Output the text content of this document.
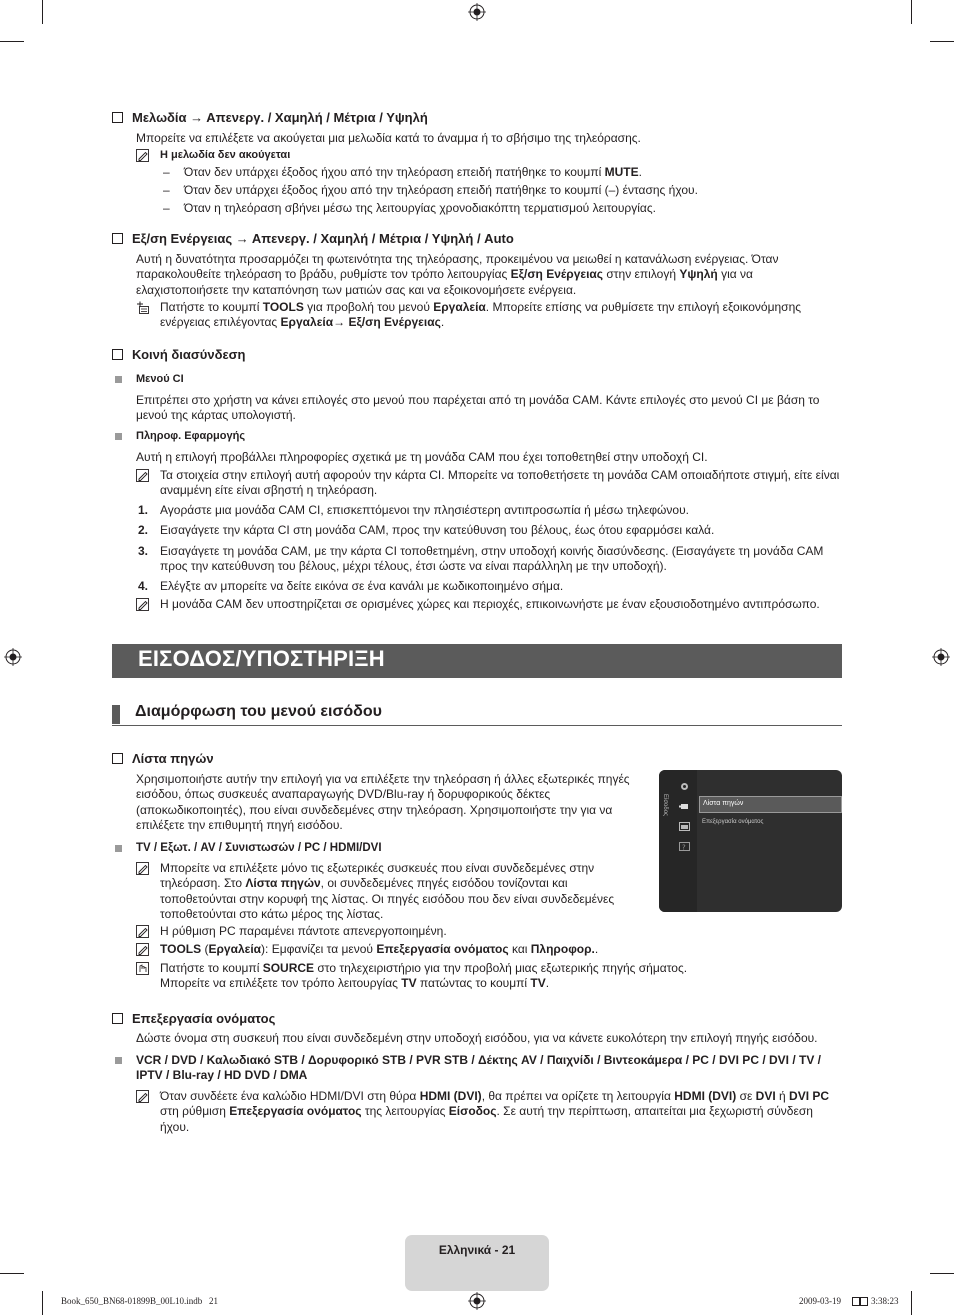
Μελωδία → Απενεργ. / Χαμηλή / Μέτρια / Υψηλή
Μπορείτε να επιλέξετε να ακούγεται μια μελωδία κατά το άναμμα ή το σβήσιμο της τηλεόρασης.
Η μελωδία δεν ακούγεται
– Όταν δεν υπάρχει έξοδος ήχου από την τηλεόραση επειδή πατήθηκε το κουμπί MUTE.
– Όταν δεν υπάρχει έξοδος ήχου από την τηλεόραση επειδή πατήθηκε το κουμπί (–) έντασης ήχου.
– Όταν η τηλεόραση σβήνει μέσω της λειτουργίας χρονοδιακόπτη τερματισμού λειτουργίας.
Εξ/ση Ενέργειας → Απενεργ. / Χαμηλή / Μέτρια / Υψηλή / Auto
Αυτή η δυνατότητα προσαρμόζει τη φωτεινότητα της τηλεόρασης, προκειμένου να μειωθεί η κατανάλωση ενέργειας. Όταν παρακολουθείτε τηλεόραση το βράδυ, ρυθμίστε τον τρόπο λειτουργίας Εξ/ση Ενέργειας στην επιλογή Υψηλή για να ελαχιστοποιήσετε την καταπόνηση των ματιών σας και να εξοικονομήσετε ενέργεια.
Πατήστε το κουμπί TOOLS για προβολή του μενού Εργαλεία. Μπορείτε επίσης να ρυθμίσετε την επιλογή εξοικονόμησης ενέργειας επιλέγοντας Εργαλεία→ Εξ/ση Ενέργειας.
Κοινή διασύνδεση
Μενού CI
Επιτρέπει στο χρήστη να κάνει επιλογές στο μενού που παρέχεται από τη μονάδα CAM. Κάντε επιλογές στο μενού CI με βάση το μενού της κάρτας υπολογιστή.
Πληροφ. Εφαρμογής
Αυτή η επιλογή προβάλλει πληροφορίες σχετικά με τη μονάδα CAM που έχει τοποθετηθεί στην υποδοχή CI.
Τα στοιχεία στην επιλογή αυτή αφορούν την κάρτα CI. Μπορείτε να τοποθετήσετε τη μονάδα CAM οποιαδήποτε στιγμή, είτε είναι αναμμένη είτε είναι σβηστή η τηλεόραση.
1. Αγοράστε μια μονάδα CAM CI, επισκεπτόμενοι την πλησιέστερη αντιπροσωπία ή μέσω τηλεφώνου.
2. Εισαγάγετε την κάρτα CI στη μονάδα CAM, προς την κατεύθυνση του βέλους, έως ότου εφαρμόσει καλά.
3. Εισαγάγετε τη μονάδα CAM, με την κάρτα CI τοποθετημένη, στην υποδοχή κοινής διασύνδεσης. (Εισαγάγετε τη μονάδα CAM προς την κατεύθυνση του βέλους, μέχρι τέλους, έτσι ώστε να είναι παράλληλη με την υποδοχή).
4. Ελέγξτε αν μπορείτε να δείτε εικόνα σε ένα κανάλι με κωδικοποιημένο σήμα.
Η μονάδα CAM δεν υποστηρίζεται σε ορισμένες χώρες και περιοχές, επικοινωνήστε με έναν εξουσιοδοτημένο αντιπρόσωπο.
ΕΙΣΟΔΟΣ/ΥΠΟΣΤΗΡΙΞΗ
Διαμόρφωση του μενού εισόδου
Λίστα πηγών
Χρησιμοποιήστε αυτήν την επιλογή για να επιλέξετε την τηλεόραση ή άλλες εξωτερικές πηγές εισόδου, όπως συσκευές αναπαραγωγής DVD/Blu-ray ή δορυφορικούς δέκτες (αποκωδικοποιητές), που είναι συνδεδεμένες στην τηλεόραση. Χρησιμοποιήστε την για να επιλέξετε την επιθυμητή πηγή εισόδου.
?
Είσοδος	Λίστα πηγών
Επεξεργασία ονόματος
TV / Εξωτ. / AV / Συνιστωσών / PC / HDMI/DVI
Μπορείτε να επιλέξετε μόνο τις εξωτερικές συσκευές που είναι συνδεδεμένες στην τηλεόραση. Στο Λίστα πηγών, οι συνδεδεμένες πηγές εισόδου τονίζονται και τοποθετούνται στην κορυφή της λίστας. Οι πηγές εισόδου που δεν είναι συνδεδεμένες τοποθετούνται στο κάτω μέρος της λίστας.
Η ρύθμιση PC παραμένει πάντοτε απενεργοποιημένη.
TOOLS (Εργαλεία): Εμφανίζει τα μενού Επεξεργασία ονόματος και Πληροφορ..
Πατήστε το κουμπί SOURCE στο τηλεχειριστήριο για την προβολή μιας εξωτερικής πηγής σήματος. Μπορείτε να επιλέξετε τον τρόπο λειτουργίας TV πατώντας το κουμπί TV.
Επεξεργασία ονόματος
Δώστε όνομα στη συσκευή που είναι συνδεδεμένη στην υποδοχή εισόδου, για να κάνετε ευκολότερη την επιλογή πηγής εισόδου.
VCR / DVD / Καλωδιακό STB / Δορυφορικό STB / PVR STB / Δέκτης AV / Παιχνίδι / Βιντεοκάμερα / PC / DVI PC / DVI / TV / IPTV / Blu-ray / HD DVD / DMA
Όταν συνδέετε ένα καλώδιο HDMI/DVI στη θύρα HDMI (DVI), θα πρέπει να ορίζετε τη λειτουργία HDMI (DVI) σε DVI ή DVI PC στη ρύθμιση Επεξεργασία ονόματος της λειτουργίας Είσοδος. Σε αυτή την περίπτωση, απαιτείται μια ξεχωριστή σύνδεση ήχου.
Ελληνικά - 21
Book_650_BN68-01899B_00L10.indb   21	2009-03-19	3:38:23
